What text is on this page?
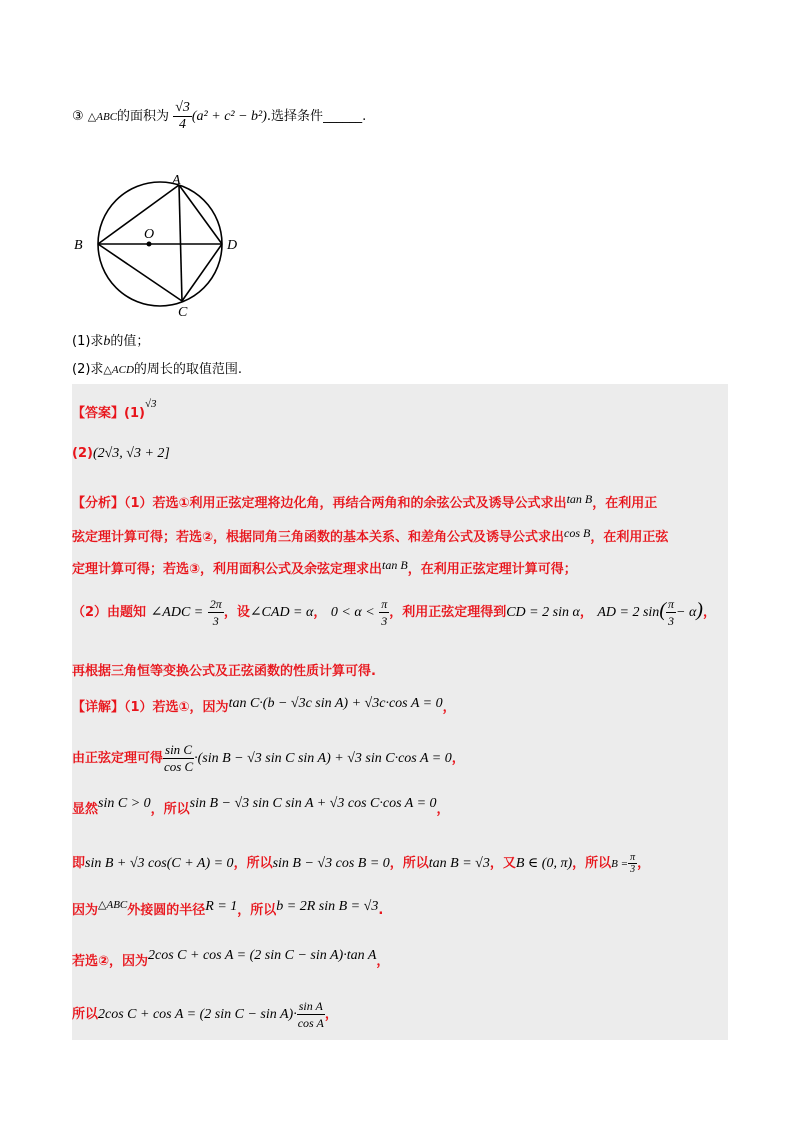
③ △ABC的面积为 $\frac{√3}{4} (a^2 + c^2 - b^2)$.选择条件______.
A
B
C
D
O
(1)求b的值；
(2)求△ACD的周长的取值范围.
【答案】$(1)^{√3}$
(2)(2√3, √3 + 2]
【分析】（1）若选①利用正弦定理将边化角，再结合两角和的余弦公式及诱导公式求出tan B，在利用正
弦定理计算可得；若选②，根据同角三角函数的基本关系、和差角公式及诱导公式求出cos B，在利用正弦
定理计算可得；若选③，利用面积公式及余弦定理求出tan B，在利用正弦定理计算可得；
（2）由题知 ∠ADC = $\frac{2\pi}{3}$ ，设∠CAD = α， $0 < \alpha < \frac{\pi}{3}$ ，利用正弦定理得到CD = 2 sin α， AD = 2 $\sin( \frac{\pi}{3} - \alpha)$，
再根据三角恒等变换公式及正弦函数的性质计算可得.
【详解】（1）若选①，因为tan C·(b − √3c sin A) + √3c·cos A = 0，
由正弦定理可得 $\frac{\text{sin C}}{\text{cos C}} \cdot(\sin$ B − √3 sin C sin A) + √3 sin C·cos A = 0，
显然sin C > 0，所以sin B − √3 sin C sin A + √3 cos C·cos A = 0，
即sin B + √3 cos(C + A) = 0，所以sin B − √3 cos B = 0，所以tan B = √3，又B ∈ (0, π)，所以$B = \frac{\pi}{3}$ ，
因为$^{\triangle ABC}$外接圆的半径R = 1，所以b = 2R sin B = √3.
若选②，因为2cos C + cos A = (2 sin C − sin A)·tan A，
所以2cos C + cos A = (2 $\sin C - \sin A)\cdot \frac{\text{sin A}}{\text{cos A}}$ ，
